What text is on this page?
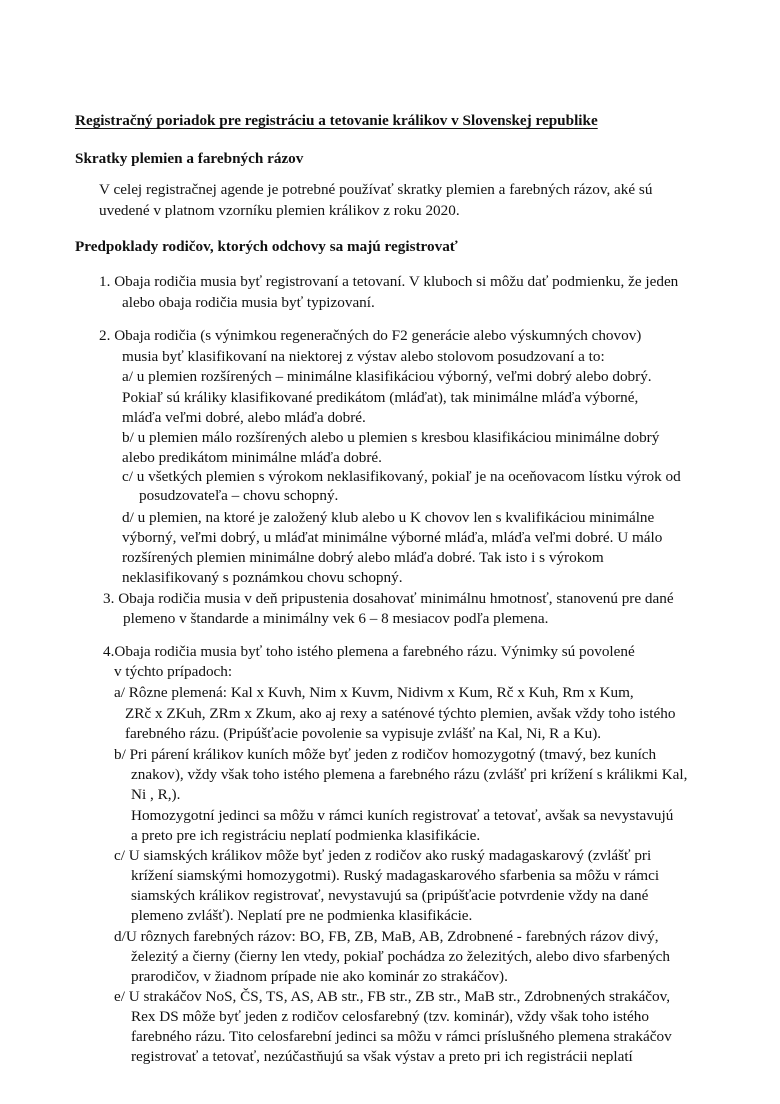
Registračný poriadok pre registráciu a tetovanie králikov v Slovenskej republike
Skratky plemien a farebných rázov
V celej registračnej agende je potrebné používať skratky plemien a farebných rázov, aké sú
uvedené v platnom vzorníku plemien králikov z roku 2020.
Predpoklady rodičov, ktorých odchovy sa majú registrovať
1. Obaja rodičia musia byť registrovaní a tetovaní. V kluboch si môžu dať podmienku, že jeden
alebo obaja rodičia musia byť typizovaní.
2. Obaja rodičia (s výnimkou regeneračných do F2 generácie alebo výskumných chovov)
musia byť klasifikovaní na niektorej z výstav alebo stolovom posudzovaní a to:
a/ u plemien rozšírených – minimálne klasifikáciou výborný, veľmi dobrý alebo dobrý.
Pokiaľ sú králiky klasifikované predikátom (mláďat), tak minimálne mláďa výborné,
mláďa veľmi dobré, alebo mláďa dobré.
b/ u plemien málo rozšírených alebo u plemien s kresbou klasifikáciou minimálne dobrý
alebo predikátom minimálne mláďa dobré.
c/ u všetkých plemien s výrokom neklasifikovaný, pokiaľ je na oceňovacom lístku výrok od
posudzovateľa – chovu schopný.
d/ u plemien, na ktoré je založený klub alebo u K chovov len s kvalifikáciou minimálne
výborný, veľmi dobrý, u mláďat minimálne výborné mláďa, mláďa veľmi dobré. U málo
rozšírených plemien minimálne dobrý alebo mláďa dobré. Tak isto i s výrokom
neklasifikovaný s poznámkou chovu schopný.
3. Obaja rodičia musia v deň pripustenia dosahovať minimálnu hmotnosť, stanovenú pre dané
plemeno v štandarde a minimálny vek 6 – 8 mesiacov podľa plemena.
4.Obaja rodičia musia byť toho istého plemena a farebného rázu. Výnimky sú povolené
v týchto prípadoch:
a/ Rôzne plemená: Kal x Kuvh, Nim x Kuvm, Nidivm x Kum, Rč x Kuh, Rm x Kum,
ZRč x ZKuh, ZRm x Zkum, ako aj rexy a saténové týchto plemien, avšak vždy toho istého
farebného rázu. (Pripúšťacie povolenie sa vypisuje zvlášť na Kal, Ni, R a Ku).
b/ Pri párení králikov kuních môže byť jeden z rodičov homozygotný (tmavý, bez kuních
znakov), vždy však toho istého plemena a farebného rázu (zvlášť pri krížení s králikmi Kal,
Ni , R,).
Homozygotní jedinci sa môžu v rámci kuních registrovať a tetovať, avšak sa nevystavujú
a preto pre ich registráciu neplatí podmienka klasifikácie.
c/ U siamských králikov môže byť jeden z rodičov ako ruský madagaskarový (zvlášť pri
krížení siamskými homozygotmi). Ruský madagaskarového sfarbenia sa môžu v rámci
siamských králikov registrovať, nevystavujú sa (pripúšťacie potvrdenie vždy na dané
plemeno zvlášť). Neplatí pre ne podmienka klasifikácie.
d/U rôznych farebných rázov: BO, FB, ZB, MaB, AB, Zdrobnené - farebných rázov divý,
železitý a čierny (čierny len vtedy, pokiaľ pochádza zo železitých, alebo divo sfarbených
prarodičov, v žiadnom prípade nie ako kominár zo strakáčov).
e/ U strakáčov NoS, ČS, TS, AS, AB str., FB str., ZB str., MaB str., Zdrobnených strakáčov,
Rex DS môže byť jeden z rodičov celosfarebný (tzv. kominár), vždy však toho istého
farebného rázu. Tito celosfarební jedinci sa môžu v rámci príslušného plemena strakáčov
registrovať a tetovať, nezúčastňujú sa však výstav a preto pri ich registrácii neplatí
